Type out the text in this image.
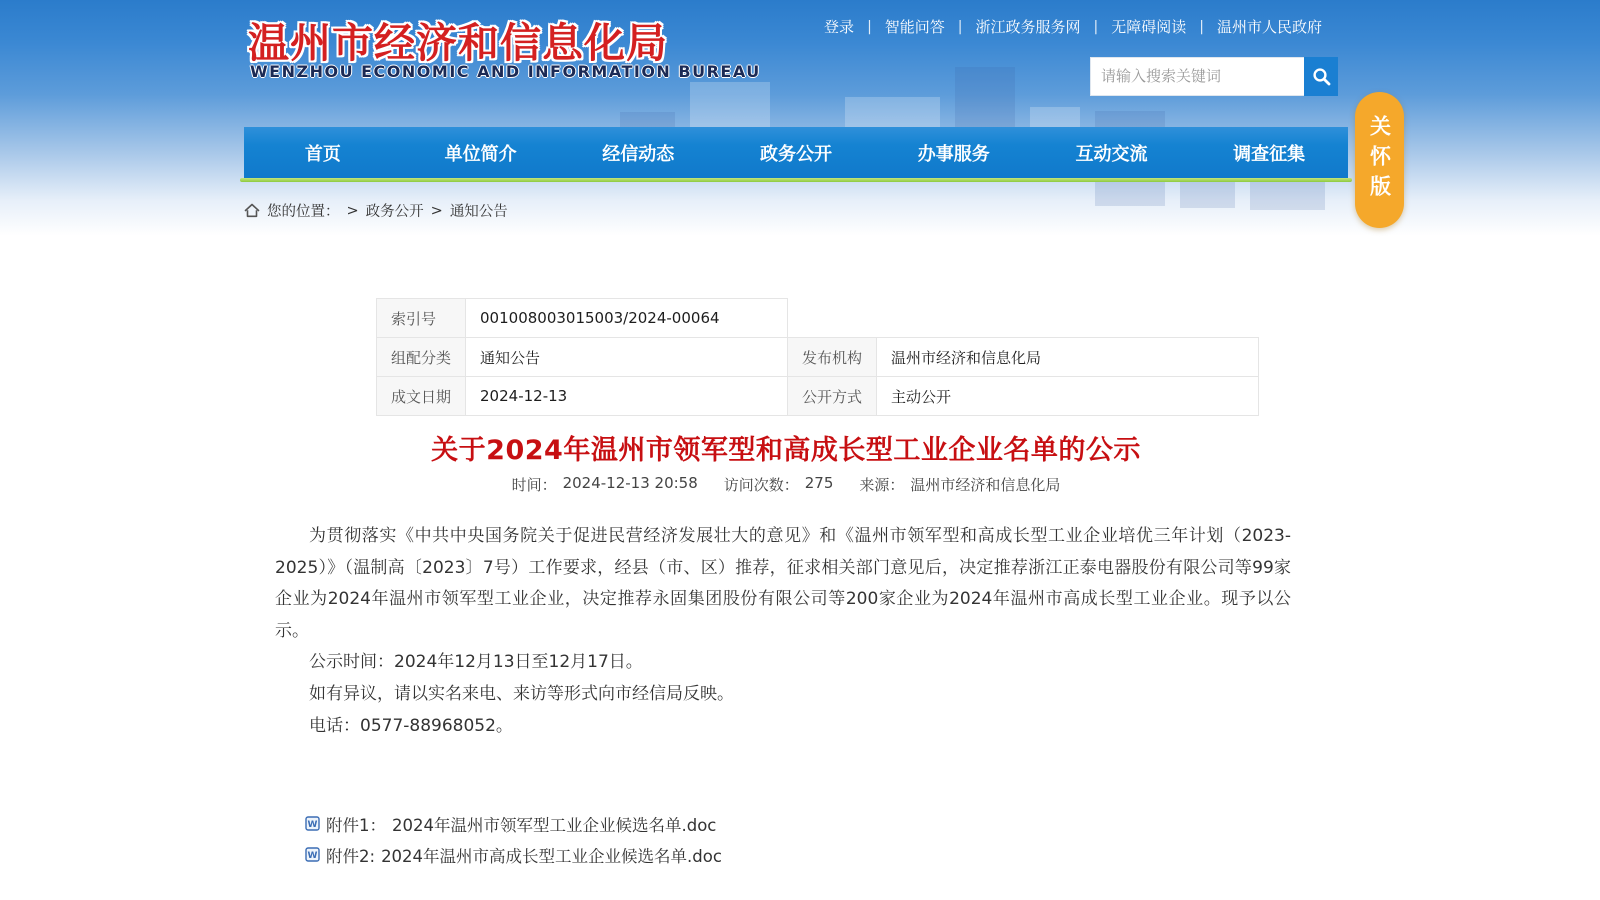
温州市经济和信息化局
WENZHOU ECONOMIC AND INFORMATION BUREAU
登录 | 智能问答 | 浙江政务服务网 | 无障碍阅读 | 温州市人民政府
请输入搜索关键词
首页	单位简介	经信动态	政务公开	办事服务	互动交流	调查征集	关怀版
您的位置： > 政务公开 > 通知公告
索引号	001008003015003/2024-00064		
组配分类	通知公告	发布机构	温州市经济和信息化局
成文日期	2024-12-13	公开方式	主动公开
关于2024年温州市领军型和高成长型工业企业名单的公示
时间： 2024-12-13 20:58 访问次数： 275 来源： 温州市经济和信息化局

为贯彻落实《中共中央国务院关于促进民营经济发展壮大的意见》和《温州市领军型和高成长型工业企业培优三年计划（2023-2025）》（温制高〔2023〕7号）工作要求，经县（市、区）推荐，征求相关部门意见后，决定推荐浙江正泰电器股份有限公司等99家企业为2024年温州市领军型工业企业，决定推荐永固集团股份有限公司等200家企业为2024年温州市高成长型工业企业。现予以公示。

公示时间：2024年12月13日至12月17日。

如有异议，请以实名来电、来访等形式向市经信局反映。

电话：0577-88968052。

W 附件1： 2024年温州市领军型工业企业候选名单.doc
W 附件2: 2024年温州市高成长型工业企业候选名单.doc
